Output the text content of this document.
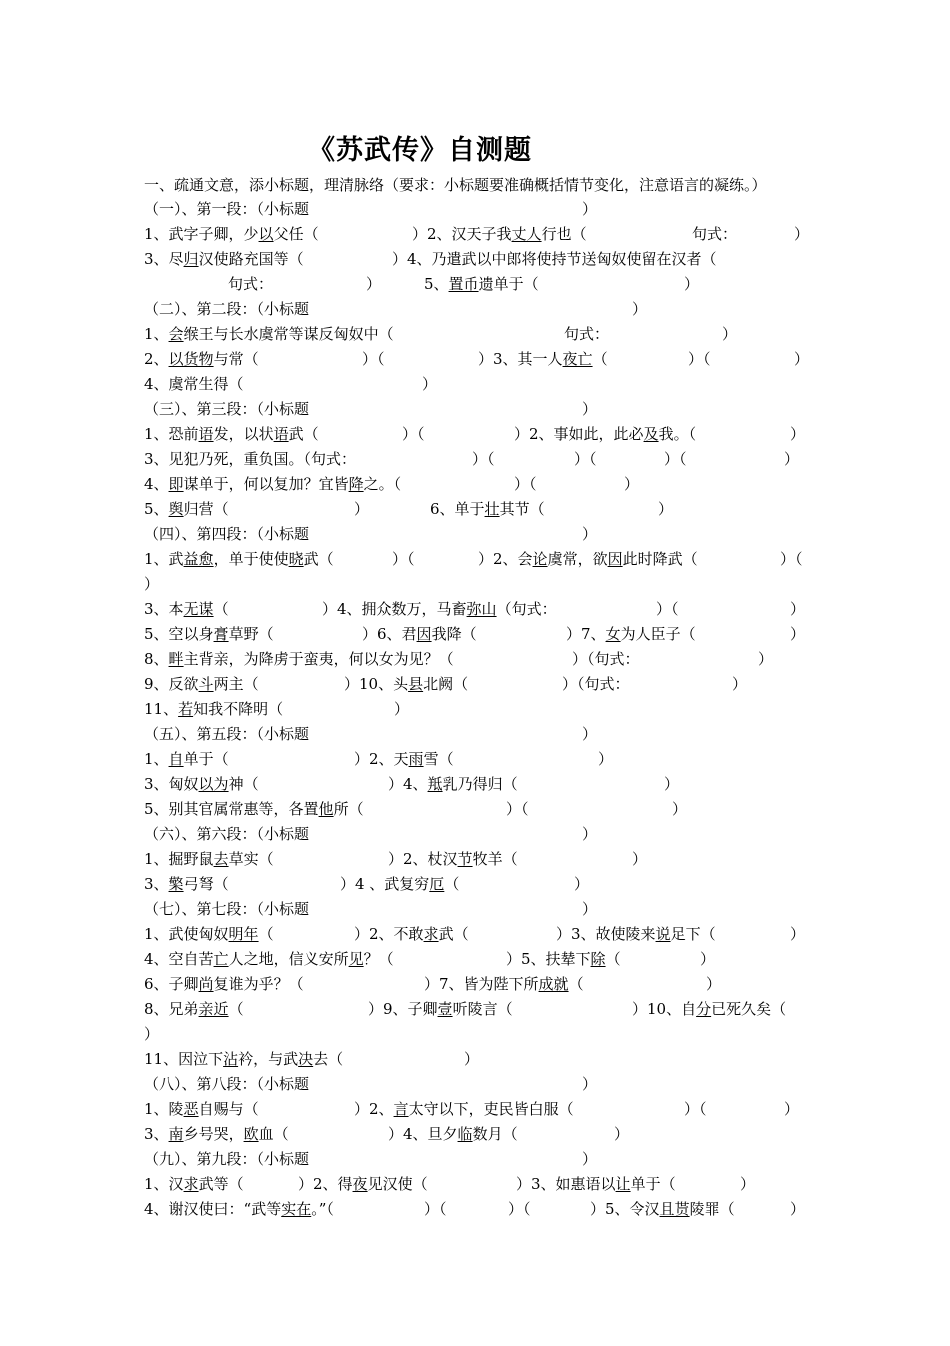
《苏武传》自测题
一、疏通文意，添小标题，理清脉络（要求：小标题要准确概括情节变化，注意语言的凝练。）
（一）、第一段：（小标题	）
1、武字子卿，少以父任（	）2、汉天子我丈人行也（	句式：	）
3、尽归汉使路充国等（	）4、乃遣武以中郎将使持节送匈奴使留在汉者（
句式：	）	5、置币遗单于（	）
（二）、第二段：（小标题	）
1、会缑王与长水虞常等谋反匈奴中（	句式：	）
2、以货物与常（	）（	）3、其一人夜亡（	）（	）
4、虞常生得（	）
（三）、第三段：（小标题	）
1、恐前语发，以状语武（	）（	）2、事如此，此必及我。（	）
3、见犯乃死，重负国。（句式：	）（	）（	）（	）
4、即谋单于，何以复加？宜皆降之。（	）（	）
5、舆归营（	）	6、单于壮其节（	）
（四）、第四段：（小标题	）
1、武益愈，单于使使晓武（	）（	）2、会论虞常，欲因此时降武（	）（
）
3、本无谋（	）4、拥众数万，马畜弥山（句式：	）（	）
5、空以身膏草野（	）6、君因我降（	）7、女为人臣子（	）
8、畔主背亲，为降虏于蛮夷，何以女为见？（	）（句式：	）
9、反欲斗两主（	）10、头县北阙（	）（句式：	）
11、若知我不降明（	）
（五）、第五段：（小标题	）
1、自单于（	）2、天雨雪（	）
3、匈奴以为神（	）4、羝乳乃得归（	）
5、别其官属常惠等，各置他所（	）（	）
（六）、第六段：（小标题	）
1、掘野鼠去草实（	）2、杖汉节牧羊（	）
3、檠弓弩（	）4 、武复穷厄（	）
（七）、第七段：（小标题	）
1、武使匈奴明年（	）2、不敢求武（	）3、故使陵来说足下（	）
4、空自苦亡人之地，信义安所见？（	）5、扶辇下除（	）
6、子卿尚复谁为乎？（	）7、皆为陛下所成就（	）
8、兄弟亲近（	）9、子卿壹听陵言（	）10、自分已死久矣（
）
11、因泣下沾衿，与武决去（	）
（八）、第八段：（小标题	）
1、陵恶自赐与（	）2、言太守以下，吏民皆白服（	）（	）
3、南乡号哭，欧血（	）4、旦夕临数月（	）
（九）、第九段：（小标题	）
1、汉求武等（	）2、得夜见汉使（	）3、如惠语以让单于（	）
4、谢汉使曰：“武等实在。”（	）（	）（	）5、令汉且贳陵罪（	）
